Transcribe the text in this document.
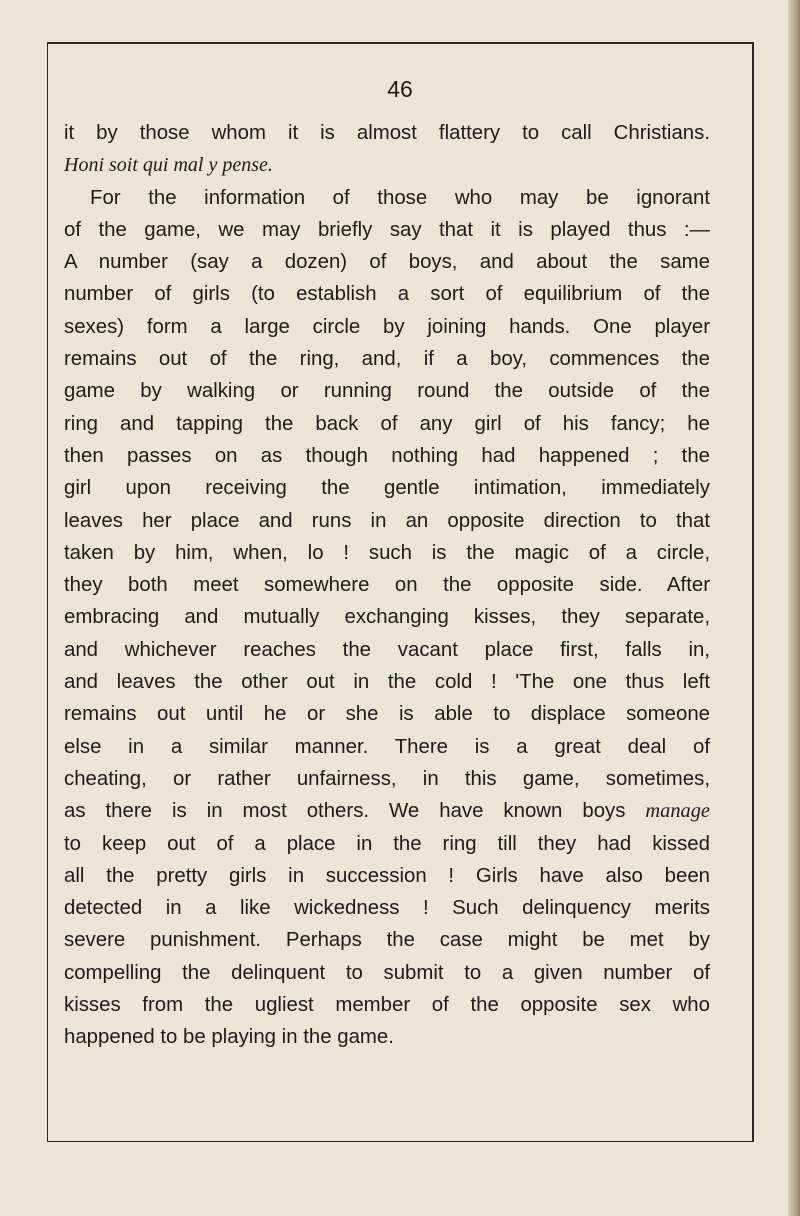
46
it by those whom it is almost flattery to call Christians.
Honi soit qui mal y pense.
For the information of those who may be ignorant
of the game, we may briefly say that it is played thus :—
A number (say a dozen) of boys, and about the same
number of girls (to establish a sort of equilibrium of the
sexes) form a large circle by joining hands. One player
remains out of the ring, and, if a boy, commences the
game by walking or running round the outside of the
ring and tapping the back of any girl of his fancy; he
then passes on as though nothing had happened ; the
girl upon receiving the gentle intimation, immediately
leaves her place and runs in an opposite direction to that
taken by him, when, lo ! such is the magic of a circle,
they both meet somewhere on the opposite side. After
embracing and mutually exchanging kisses, they separate,
and whichever reaches the vacant place first, falls in,
and leaves the other out in the cold ! 'The one thus left
remains out until he or she is able to displace someone
else in a similar manner. There is a great deal of
cheating, or rather unfairness, in this game, sometimes,
as there is in most others. We have known boys manage
to keep out of a place in the ring till they had kissed
all the pretty girls in succession ! Girls have also been
detected in a like wickedness ! Such delinquency merits
severe punishment. Perhaps the case might be met by
compelling the delinquent to submit to a given number of
kisses from the ugliest member of the opposite sex who
happened to be playing in the game.
